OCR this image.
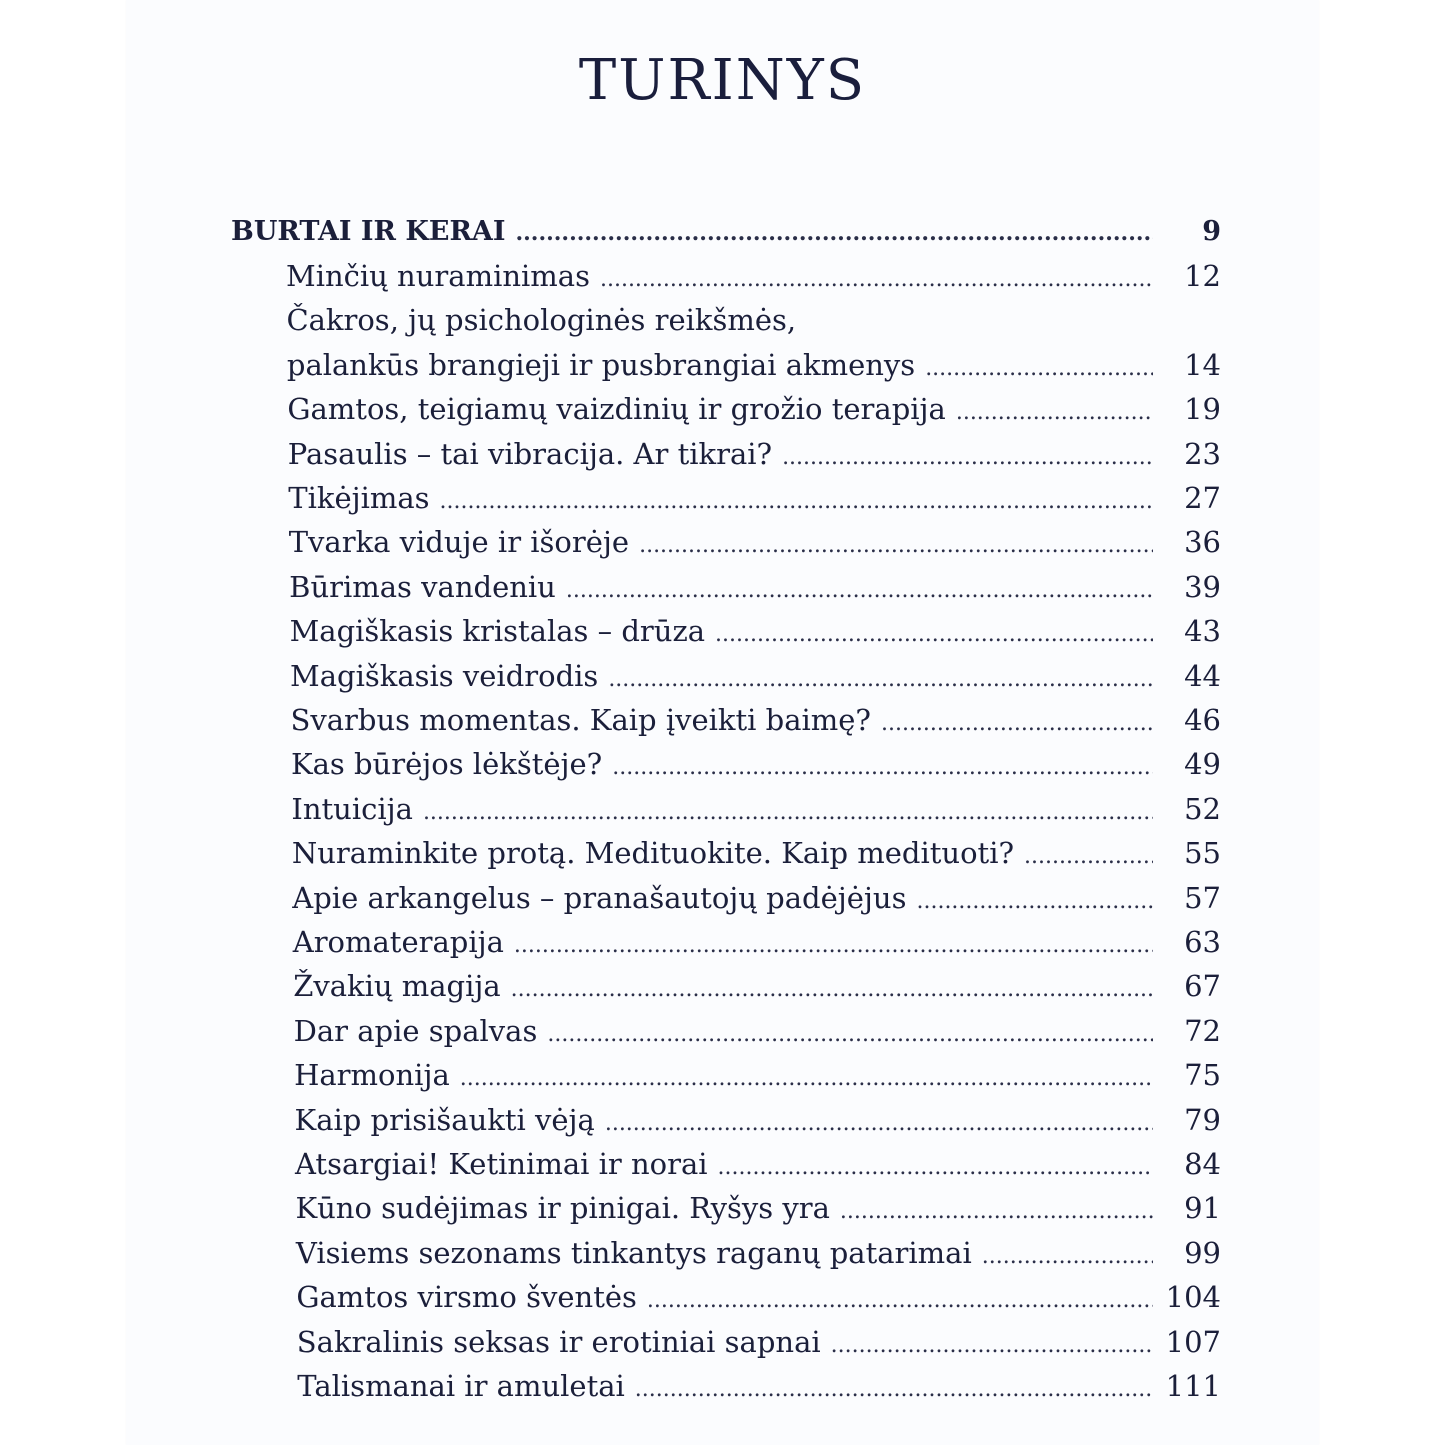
TURINYS
BURTAI IR KERAI .....	9
Minčių nuraminimas .....	12
Čakros, jų psichologinės reikšmės,
palankūs brangieji ir pusbrangiai akmenys .....	14
Gamtos, teigiamų vaizdinių ir grožio terapija .....	19
Pasaulis – tai vibracija. Ar tikrai? .....	23
Tikėjimas .....	27
Tvarka viduje ir išorėje .....	36
Būrimas vandeniu .....	39
Magiškasis kristalas – drūza .....	43
Magiškasis veidrodis .....	44
Svarbus momentas. Kaip įveikti baimę? .....	46
Kas būrėjos lėkštėje? .....	49
Intuicija .....	52
Nuraminkite protą. Medituokite. Kaip medituoti? .....	55
Apie arkangelus – pranašautojų padėjėjus .....	57
Aromaterapija .....	63
Žvakių magija .....	67
Dar apie spalvas .....	72
Harmonija .....	75
Kaip prisišaukti vėją .....	79
Atsargiai! Ketinimai ir norai .....	84
Kūno sudėjimas ir pinigai. Ryšys yra .....	91
Visiems sezonams tinkantys raganų patarimai .....	99
Gamtos virsmo šventės .....	104
Sakralinis seksas ir erotiniai sapnai .....	107
Talismanai ir amuletai .....	111
